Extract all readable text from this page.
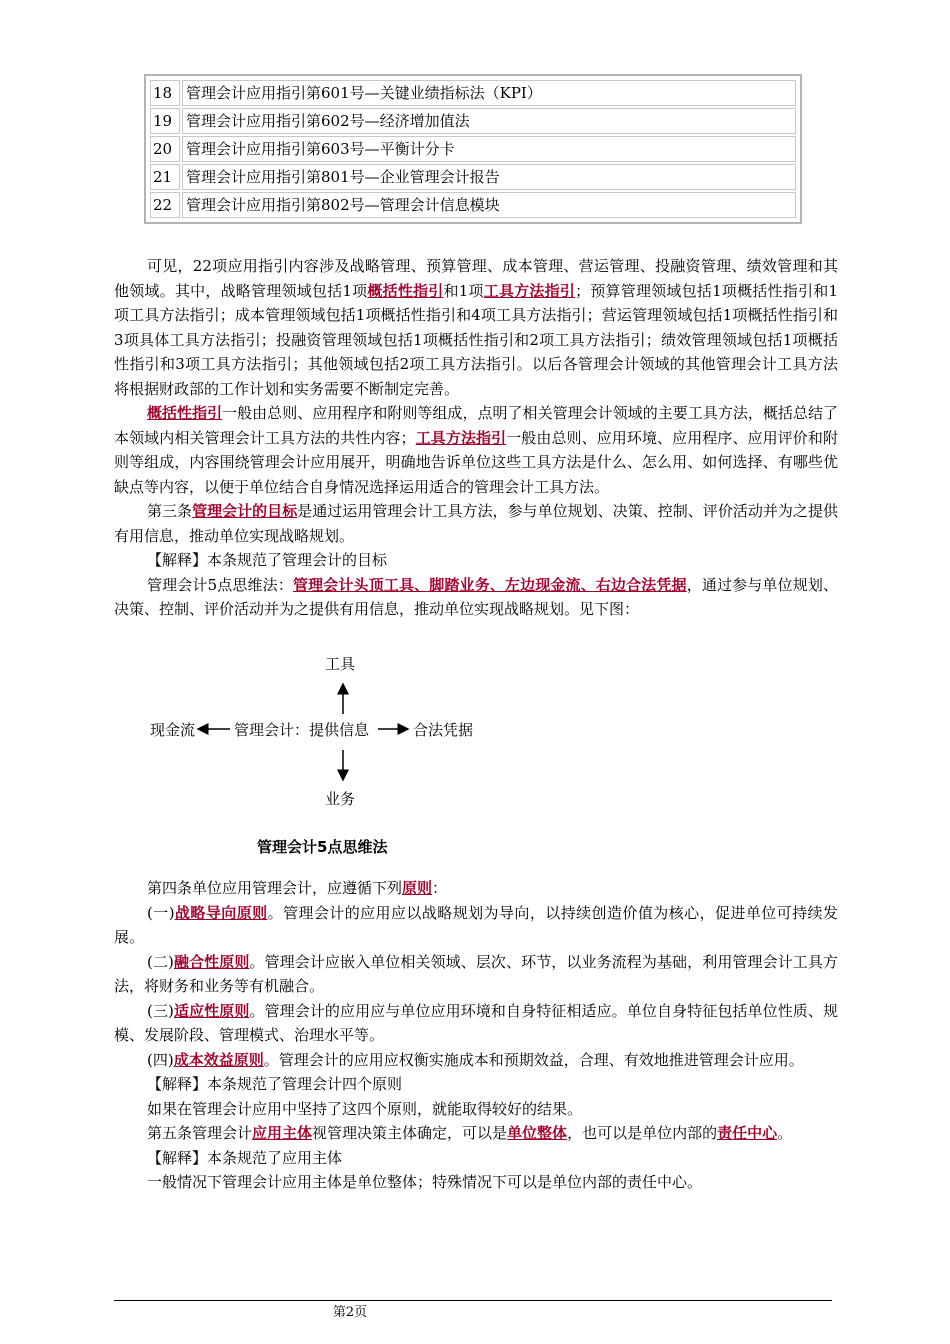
18	管理会计应用指引第601号—关键业绩指标法（KPI）
19	管理会计应用指引第602号—经济增加值法
20	管理会计应用指引第603号—平衡计分卡
21	管理会计应用指引第801号—企业管理会计报告
22	管理会计应用指引第802号—管理会计信息模块

可见，22项应用指引内容涉及战略管理、预算管理、成本管理、营运管理、投融资管理、绩效管理和其他领域。其中，战略管理领域包括1项概括性指引和1项工具方法指引；预算管理领域包括1项概括性指引和1项工具方法指引；成本管理领域包括1项概括性指引和4项工具方法指引；营运管理领域包括1项概括性指引和3项具体工具方法指引；投融资管理领域包括1项概括性指引和2项工具方法指引；绩效管理领域包括1项概括性指引和3项工具方法指引；其他领域包括2项工具方法指引。以后各管理会计领域的其他管理会计工具方法将根据财政部的工作计划和实务需要不断制定完善。

概括性指引一般由总则、应用程序和附则等组成，点明了相关管理会计领域的主要工具方法，概括总结了本领域内相关管理会计工具方法的共性内容；工具方法指引一般由总则、应用环境、应用程序、应用评价和附则等组成，内容围绕管理会计应用展开，明确地告诉单位这些工具方法是什么、怎么用、如何选择、有哪些优缺点等内容，以便于单位结合自身情况选择运用适合的管理会计工具方法。

第三条管理会计的目标是通过运用管理会计工具方法，参与单位规划、决策、控制、评价活动并为之提供有用信息，推动单位实现战略规划。

【解释】本条规范了管理会计的目标

管理会计5点思维法：管理会计头顶工具、脚踏业务、左边现金流、右边合法凭据，通过参与单位规划、决策、控制、评价活动并为之提供有用信息，推动单位实现战略规划。见下图：

工具
现金流	管理会计：提供信息	合法凭据
业务
管理会计5点思维法

第四条单位应用管理会计，应遵循下列原则：

(一)战略导向原则。管理会计的应用应以战略规划为导向，以持续创造价值为核心，促进单位可持续发展。

(二)融合性原则。管理会计应嵌入单位相关领域、层次、环节，以业务流程为基础，利用管理会计工具方法，将财务和业务等有机融合。

(三)适应性原则。管理会计的应用应与单位应用环境和自身特征相适应。单位自身特征包括单位性质、规模、发展阶段、管理模式、治理水平等。

(四)成本效益原则。管理会计的应用应权衡实施成本和预期效益，合理、有效地推进管理会计应用。

【解释】本条规范了管理会计四个原则

如果在管理会计应用中坚持了这四个原则，就能取得较好的结果。

第五条管理会计应用主体视管理决策主体确定，可以是单位整体，也可以是单位内部的责任中心。

【解释】本条规范了应用主体

一般情况下管理会计应用主体是单位整体；特殊情况下可以是单位内部的责任中心。

第2页
